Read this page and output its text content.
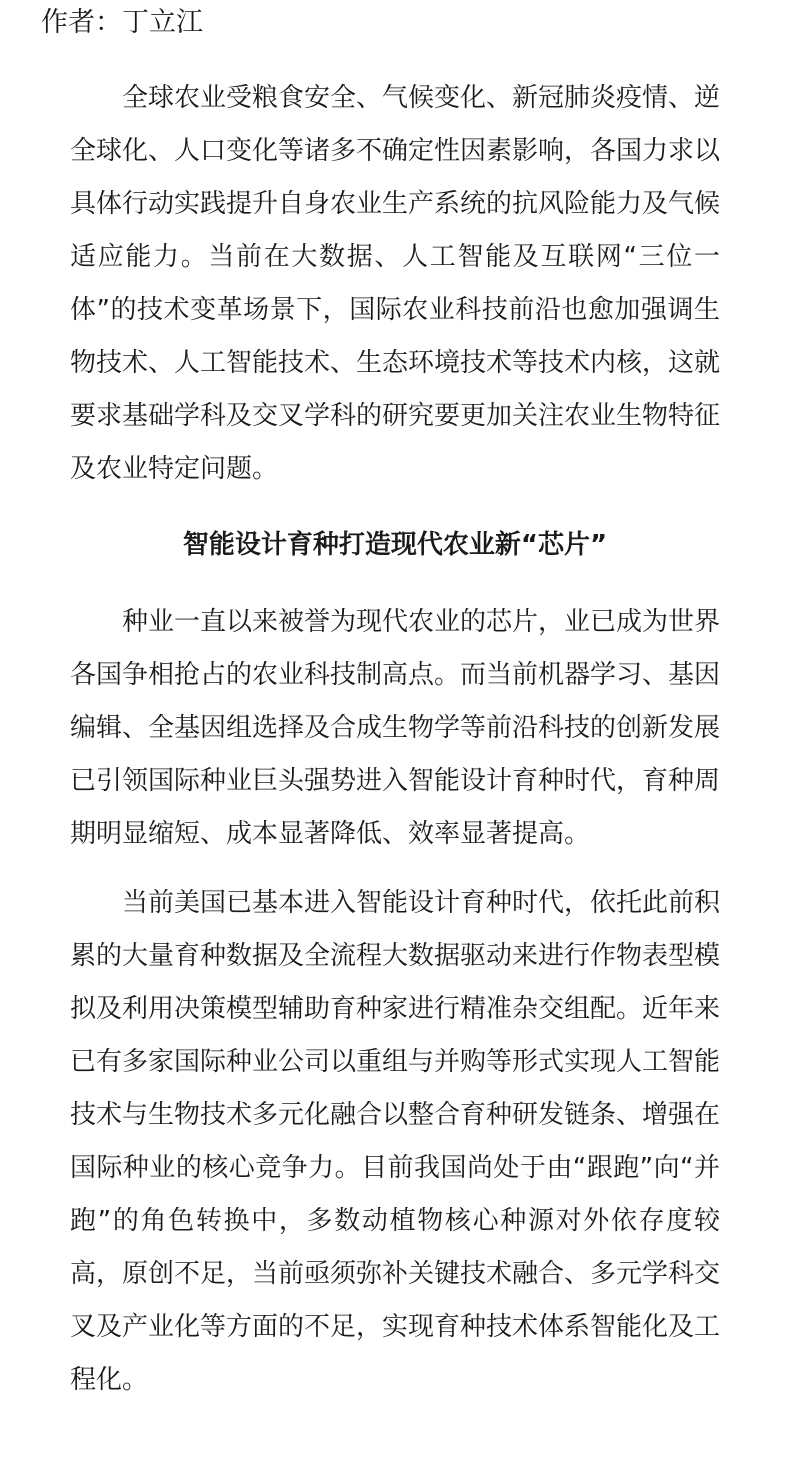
作者：丁立江

全球农业受粮食安全、气候变化、新冠肺炎疫情、逆全球化、人口变化等诸多不确定性因素影响，各国力求以具体行动实践提升自身农业生产系统的抗风险能力及气候适应能力。当前在大数据、人工智能及互联网“三位一体”的技术变革场景下，国际农业科技前沿也愈加强调生物技术、人工智能技术、生态环境技术等技术内核，这就要求基础学科及交叉学科的研究要更加关注农业生物特征及农业特定问题。

智能设计育种打造现代农业新“芯片”

种业一直以来被誉为现代农业的芯片，业已成为世界各国争相抢占的农业科技制高点。而当前机器学习、基因编辑、全基因组选择及合成生物学等前沿科技的创新发展已引领国际种业巨头强势进入智能设计育种时代，育种周期明显缩短、成本显著降低、效率显著提高。

当前美国已基本进入智能设计育种时代，依托此前积累的大量育种数据及全流程大数据驱动来进行作物表型模拟及利用决策模型辅助育种家进行精准杂交组配。近年来已有多家国际种业公司以重组与并购等形式实现人工智能技术与生物技术多元化融合以整合育种研发链条、增强在国际种业的核心竞争力。目前我国尚处于由“跟跑”向“并跑”的角色转换中，多数动植物核心种源对外依存度较高，原创不足，当前亟须弥补关键技术融合、多元学科交叉及产业化等方面的不足，实现育种技术体系智能化及工程化。
